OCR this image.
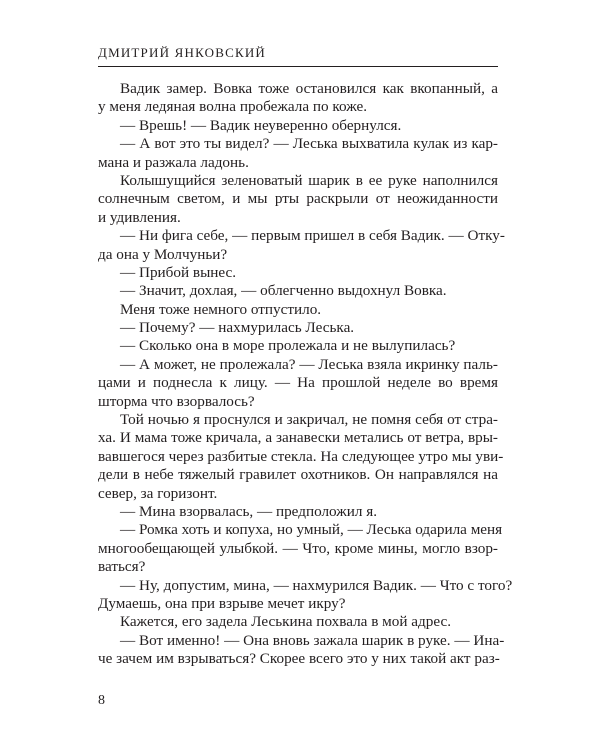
ДМИТРИЙ ЯНКОВСКИЙ
Вадик замер. Вовка тоже остановился как вкопанный, а
у меня ледяная волна пробежала по коже.
— Врешь! — Вадик неуверенно обернулся.
— А вот это ты видел? — Леська выхватила кулак из кар-
мана и разжала ладонь.
Колышущийся зеленоватый шарик в ее руке наполнился
солнечным светом, и мы рты раскрыли от неожиданности
и удивления.
— Ни фига себе, — первым пришел в себя Вадик. — Отку-
да она у Молчуньи?
— Прибой вынес.
— Значит, дохлая, — облегченно выдохнул Вовка.
Меня тоже немного отпустило.
— Почему? — нахмурилась Леська.
— Сколько она в море пролежала и не вылупилась?
— А может, не пролежала? — Леська взяла икринку паль-
цами и поднесла к лицу. — На прошлой неделе во время
шторма что взорвалось?
Той ночью я проснулся и закричал, не помня себя от стра-
ха. И мама тоже кричала, а занавески метались от ветра, вры-
вавшегося через разбитые стекла. На следующее утро мы уви-
дели в небе тяжелый гравилет охотников. Он направлялся на
север, за горизонт.
— Мина взорвалась, — предположил я.
— Ромка хоть и копуха, но умный, — Леська одарила меня
многообещающей улыбкой. — Что, кроме мины, могло взор-
ваться?
— Ну, допустим, мина, — нахмурился Вадик. — Что с того?
Думаешь, она при взрыве мечет икру?
Кажется, его задела Леськина похвала в мой адрес.
— Вот именно! — Она вновь зажала шарик в руке. — Ина-
че зачем им взрываться? Скорее всего это у них такой акт раз-
8
